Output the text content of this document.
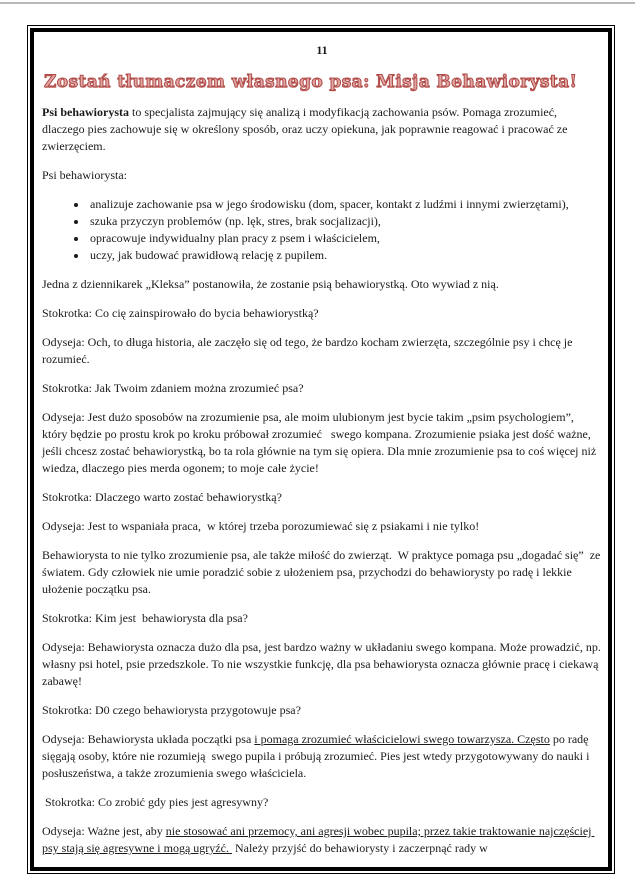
11
Zostań tłumaczem własnego psa: Misja Behawiorysta!

Psi behawiorysta to specjalista zajmujący się analizą i modyfikacją zachowania psów. Pomaga zrozumieć, dlaczego pies zachowuje się w określony sposób, oraz uczy opiekuna, jak poprawnie reagować i pracować ze zwierzęciem.

Psi behawiorysta:

• analizuje zachowanie psa w jego środowisku (dom, spacer, kontakt z ludźmi i innymi zwierzętami),
• szuka przyczyn problemów (np. lęk, stres, brak socjalizacji),
• opracowuje indywidualny plan pracy z psem i właścicielem,
• uczy, jak budować prawidłową relację z pupilem.

Jedna z dziennikarek „Kleksa” postanowiła, że zostanie psią behawiorystką. Oto wywiad z nią.

Stokrotka: Co cię zainspirowało do bycia behawiorystką?

Odyseja: Och, to długa historia, ale zaczęło się od tego, że bardzo kocham zwierzęta, szczególnie psy i chcę je rozumieć.

Stokrotka: Jak Twoim zdaniem można zrozumieć psa?

Odyseja: Jest dużo sposobów na zrozumienie psa, ale moim ulubionym jest bycie takim „psim psychologiem”, który będzie po prostu krok po kroku próbował zrozumieć   swego kompana. Zrozumienie psiaka jest dość ważne, jeśli chcesz zostać behawiorystką, bo ta rola głównie na tym się opiera. Dla mnie zrozumienie psa to coś więcej niż wiedza, dlaczego pies merda ogonem; to moje całe życie!

Stokrotka: Dlaczego warto zostać behawiorystką?

Odyseja: Jest to wspaniała praca,  w której trzeba porozumiewać się z psiakami i nie tylko!

Behawiorysta to nie tylko zrozumienie psa, ale także miłość do zwierząt.  W praktyce pomaga psu „dogadać się”  ze światem. Gdy człowiek nie umie poradzić sobie z ułożeniem psa, przychodzi do behawiorysty po radę i lekkie ułożenie początku psa.

Stokrotka: Kim jest  behawiorysta dla psa?

Odyseja: Behawiorysta oznacza dużo dla psa, jest bardzo ważny w układaniu swego kompana. Może prowadzić, np. własny psi hotel, psie przedszkole. To nie wszystkie funkcję, dla psa behawiorysta oznacza głównie pracę i ciekawą zabawę!

Stokrotka: D0 czego behawiorysta przygotowuje psa?

Odyseja: Behawiorysta układa początki psa i pomaga zrozumieć właścicielowi swego towarzysza. Często po radę sięgają osoby, które nie rozumieją  swego pupila i próbują zrozumieć. Pies jest wtedy przygotowywany do nauki i posłuszeństwa, a także zrozumienia swego właściciela.

Stokrotka: Co zrobić gdy pies jest agresywny?

Odyseja: Ważne jest, aby nie stosować ani przemocy, ani agresji wobec pupila; przez takie traktowanie najczęściej psy stają się agresywne i mogą ugryźć.  Należy przyjść do behawiorysty i zaczerpnąć rady w
